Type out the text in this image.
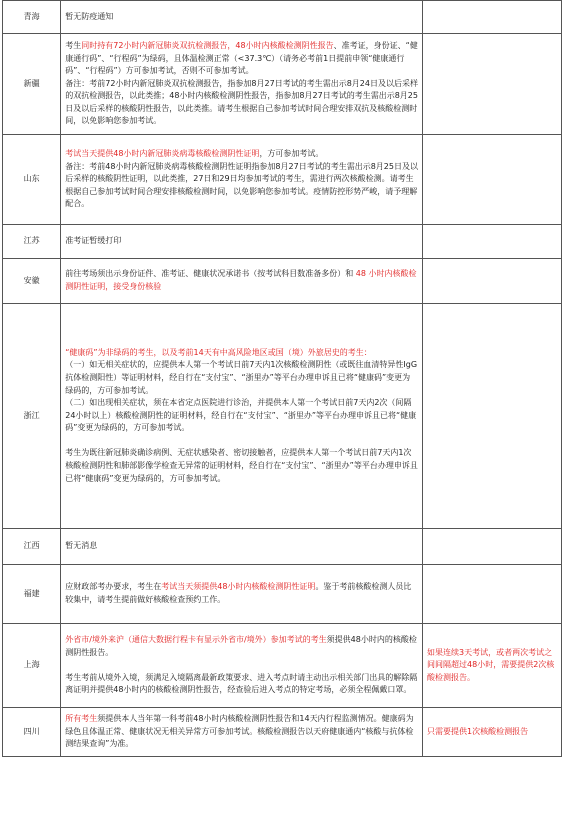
青海	暂无防疫通知	

新疆	考生同时持有72小时内新冠肺炎双抗检测报告，48小时内核酸检测阴性报告、准考证，身份证、“健康通行码”、“行程码”为绿码，且体温检测正常（<37.3℃）（请务必考前1日提前申领“健康通行码”、“行程码”）方可参加考试，否则不可参加考试。

备注：考前72小时内新冠肺炎双抗检测报告，指参加8月27日考试的考生需出示8月24日及以后采样的双抗检测报告，以此类推；48小时内核酸检测阴性报告，指参加8月27日考试的考生需出示8月25日及以后采样的核酸阴性报告，以此类推。请考生根据自己参加考试时间合理安排双抗及核酸检测时间，以免影响您参加考试。	

山东	考试当天提供48小时内新冠肺炎病毒核酸检测阴性证明，方可参加考试。

备注：考前48小时内新冠肺炎病毒核酸检测阴性证明指参加8月27日考试的考生需出示8月25日及以后采样的核酸阴性证明，以此类推，27日和29日均参加考试的考生，需进行两次核酸检测。请考生根据自己参加考试时间合理安排核酸检测时间，以免影响您参加考试。疫情防控形势严峻，请予理解配合。	

江苏	准考证暂缓打印	

安徽	前往考场须出示身份证件、准考证、健康状况承诺书（按考试科目数准备多份）和 48 小时内核酸检测阴性证明，接受身份核验	

浙江	“健康码”为非绿码的考生，以及考前14天有中高风险地区或国（境）外旅居史的考生：

（一）如无相关症状的，应提供本人第一个考试日前7天内1次核酸检测阴性（或既往血清特异性IgG抗体检测阳性）等证明材料，经自行在“支付宝”、“浙里办”等平台办理申诉且已将“健康码”变更为绿码的，方可参加考试。

（二）如出现相关症状，须在本省定点医院进行诊治，并提供本人第一个考试日前7天内2次（间隔24小时以上）核酸检测阴性的证明材料，经自行在“支付宝”、“浙里办”等平台办理申诉且已将“健康码”变更为绿码的，方可参加考试。

考生为既往新冠肺炎确诊病例、无症状感染者、密切接触者，应提供本人第一个考试日前7天内1次核酸检测阴性和肺部影像学检查无异常的证明材料，经自行在“支付宝”、“浙里办”等平台办理申诉且已将“健康码”变更为绿码的，方可参加考试。	

江西	暂无消息	

福建	应财政部考办要求，考生在考试当天须提供48小时内核酸检测阴性证明。鉴于考前核酸检测人员比较集中，请考生提前做好核酸检查预约工作。	

上海	外省市/境外来沪（通信大数据行程卡有显示外省市/境外）参加考试的考生须提供48小时内的核酸检测阴性报告。

考生考前从境外入境，须满足入境隔离最新政策要求、进入考点时请主动出示相关部门出具的解除隔离证明并提供48小时内的核酸检测阴性报告，经查验后进入考点的特定考场，必须全程佩戴口罩。	如果连续3天考试，或者两次考试之间间隔超过48小时，需要提供2次核酸检测报告。
四川	所有考生须提供本人当年第一科考前48小时内核酸检测阴性报告和14天内行程监测情况。健康码为绿色且体温正常、健康状况无相关异常方可参加考试。核酸检测报告以天府健康通内“核酸与抗体检测结果查询”为准。	只需要提供1次核酸检测报告
